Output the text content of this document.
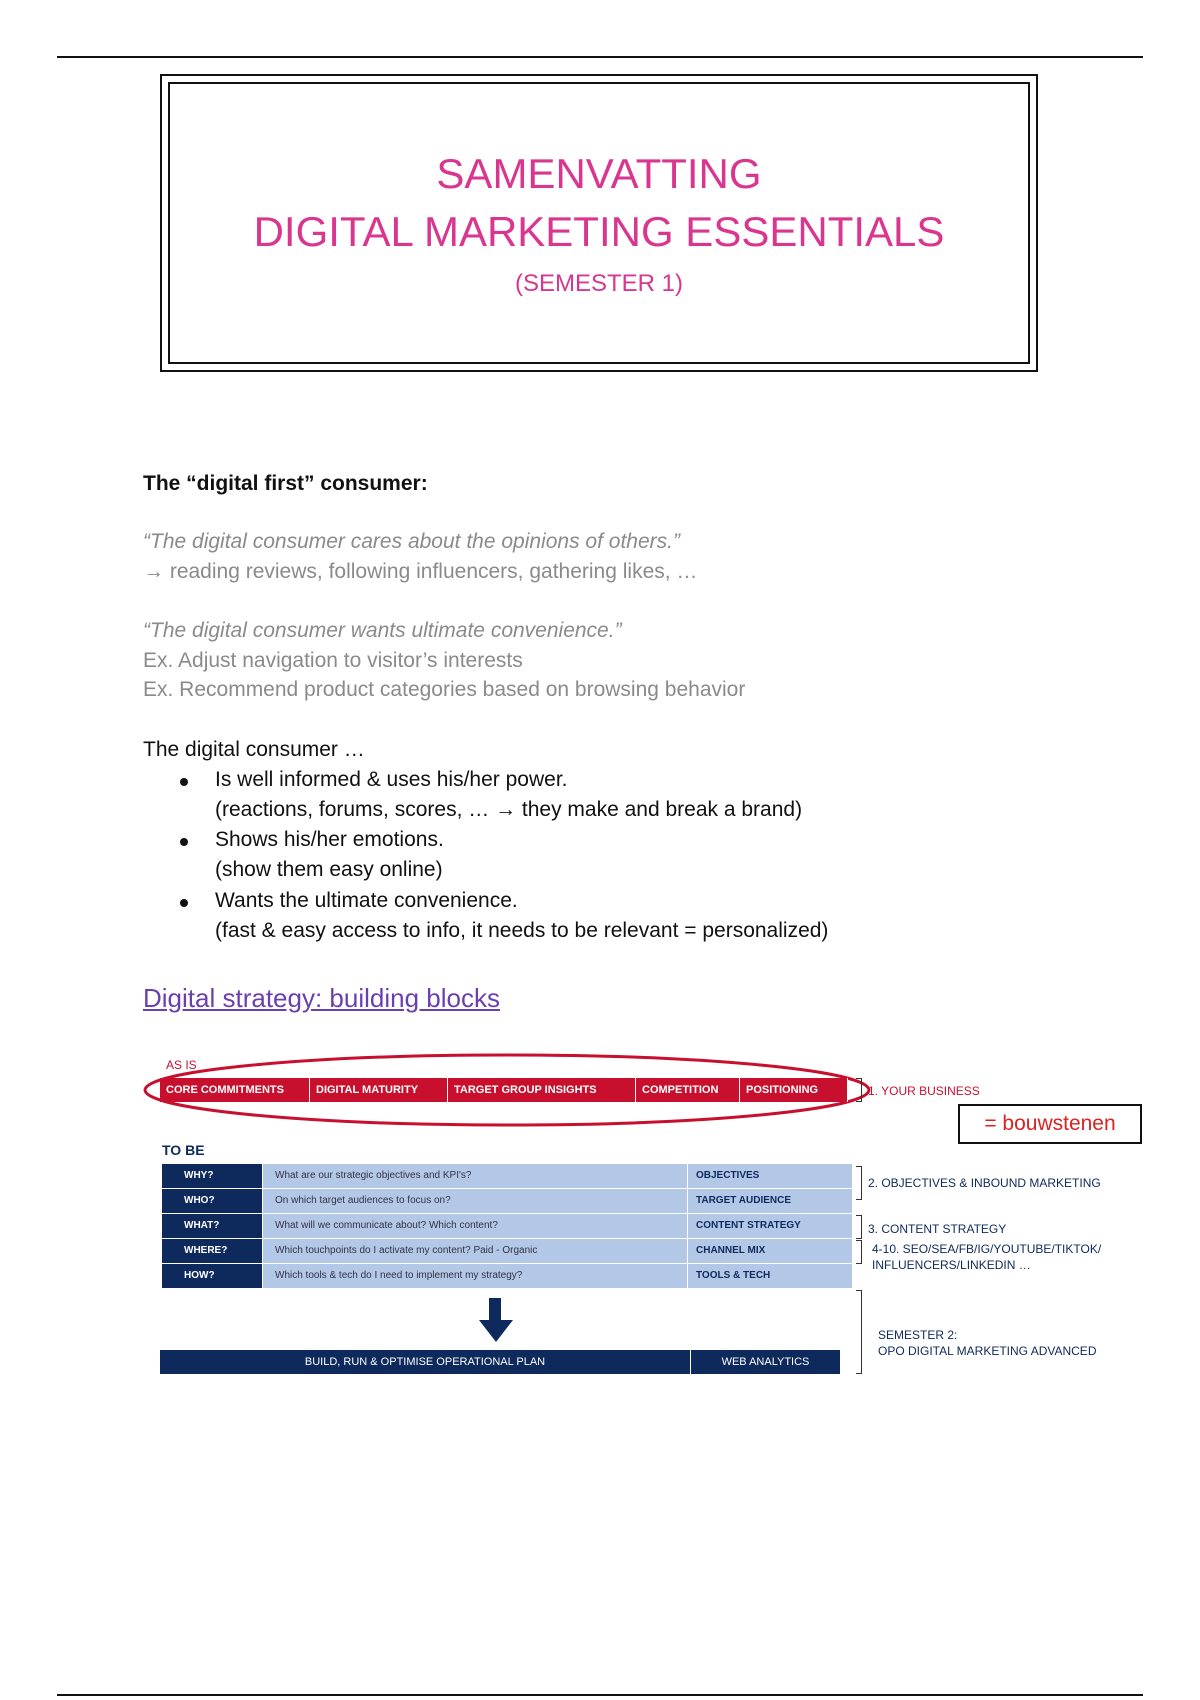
SAMENVATTING
DIGITAL MARKETING ESSENTIALS
(SEMESTER 1)
The “digital first” consumer:
“The digital consumer cares about the opinions of others.”
→ reading reviews, following influencers, gathering likes, …
“The digital consumer wants ultimate convenience.”
Ex. Adjust navigation to visitor’s interests
Ex. Recommend product categories based on browsing behavior
The digital consumer …
Is well informed & uses his/her power.
(reactions, forums, scores, … → they make and break a brand)
Shows his/her emotions.
(show them easy online)
Wants the ultimate convenience.
(fast & easy access to info, it needs to be relevant = personalized)
Digital strategy: building blocks
AS IS
CORE COMMITMENTS	DIGITAL MATURITY	TARGET GROUP INSIGHTS	COMPETITION	POSITIONING	1. YOUR BUSINESS
= bouwstenen
TO BE
WHY?	What are our strategic objectives and KPI's?	OBJECTIVES
WHO?	On which target audiences to focus on?	TARGET AUDIENCE
WHAT?	What will we communicate about? Which content?	CONTENT STRATEGY
WHERE?	Which touchpoints do I activate my content? Paid - Organic	CHANNEL MIX
HOW?	Which tools & tech do I need to implement my strategy?	TOOLS & TECH
2. OBJECTIVES & INBOUND MARKETING
3. CONTENT STRATEGY
4-10. SEO/SEA/FB/IG/YOUTUBE/TIKTOK/
INFLUENCERS/LINKEDIN …
SEMESTER 2:
OPO DIGITAL MARKETING ADVANCED
BUILD, RUN & OPTIMISE OPERATIONAL PLAN	WEB ANALYTICS
